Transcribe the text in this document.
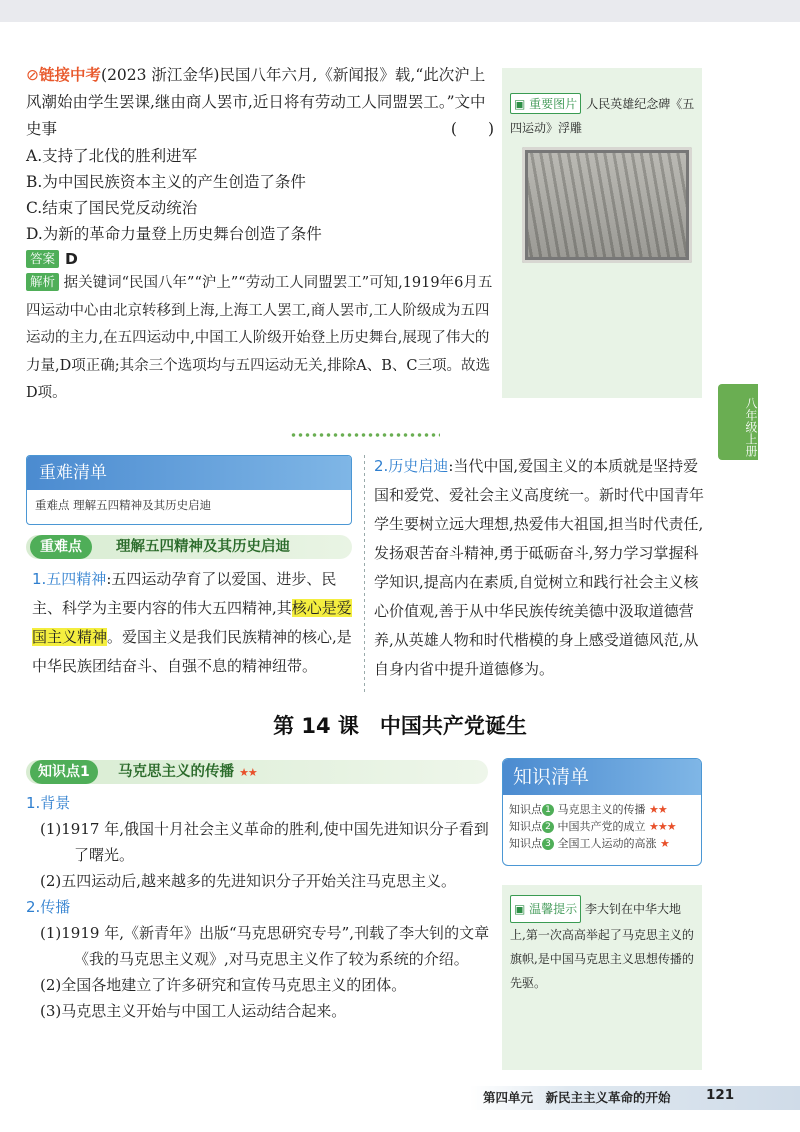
⊘链接中考(2023 浙江金华)民国八年六月,《新闻报》载,“此次沪上风潮始由学生罢课,继由商人罢市,近日将有劳动工人同盟罢工。”文中史事	(　　)
A.支持了北伐的胜利进军
B.为中国民族资本主义的产生创造了条件
C.结束了国民党反动统治
D.为新的革命力量登上历史舞台创造了条件
答案 D
解析 据关键词“民国八年”“沪上”“劳动工人同盟罢工”可知,1919年6月五四运动中心由北京转移到上海,上海工人罢工,商人罢市,工人阶级成为五四运动的主力,在五四运动中,中国工人阶级开始登上历史舞台,展现了伟大的力量,D项正确;其余三个选项均与五四运动无关,排除A、B、C三项。故选D项。
▣ 重要图片 人民英雄纪念碑《五四运动》浮雕
八年级上册
重难清单
重难点 理解五四精神及其历史启迪
重难点	理解五四精神及其历史启迪
1.五四精神:五四运动孕育了以爱国、进步、民主、科学为主要内容的伟大五四精神,其核心是爱国主义精神。爱国主义是我们民族精神的核心,是中华民族团结奋斗、自强不息的精神纽带。
2.历史启迪:当代中国,爱国主义的本质就是坚持爱国和爱党、爱社会主义高度统一。新时代中国青年学生要树立远大理想,热爱伟大祖国,担当时代责任,发扬艰苦奋斗精神,勇于砥砺奋斗,努力学习掌握科学知识,提高内在素质,自觉树立和践行社会主义核心价值观,善于从中华民族传统美德中汲取道德营养,从英雄人物和时代楷模的身上感受道德风范,从自身内省中提升道德修为。
第 14 课　中国共产党诞生
知识点1	马克思主义的传播 ★★
1.背景
(1)1917 年,俄国十月社会主义革命的胜利,使中国先进知识分子看到了曙光。
(2)五四运动后,越来越多的先进知识分子开始关注马克思主义。
2.传播
(1)1919 年,《新青年》出版“马克思研究专号”,刊载了李大钊的文章《我的马克思主义观》,对马克思主义作了较为系统的介绍。
(2)全国各地建立了许多研究和宣传马克思主义的团体。
(3)马克思主义开始与中国工人运动结合起来。
知识清单
知识点 1 马克思主义的传播 ★★
知识点 2 中国共产党的成立 ★★★
知识点 3 全国工人运动的高涨 ★
▣ 温馨提示 李大钊在中华大地上,第一次高高举起了马克思主义的旗帜,是中国马克思主义思想传播的先驱。
第四单元　新民主主义革命的开始	121
